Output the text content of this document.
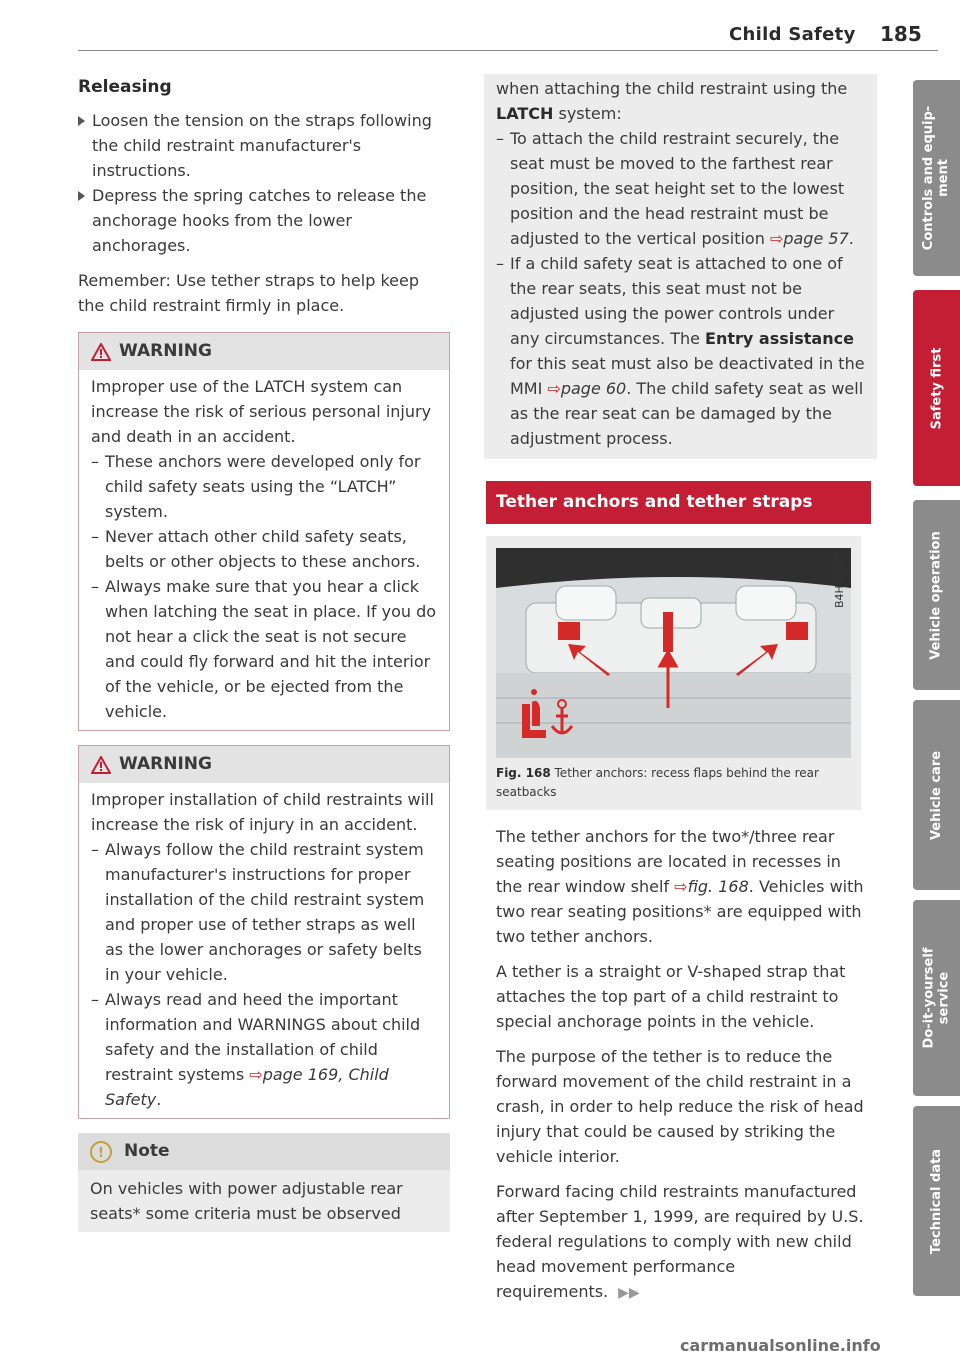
Child Safety 185
Releasing
Loosen the tension on the straps following the child restraint manufacturer's instructions.
Depress the spring catches to release the anchorage hooks from the lower anchorages.

Remember: Use tether straps to help keep the child restraint firmly in place.

WARNING

Improper use of the LATCH system can increase the risk of serious personal injury and death in an accident.

– These anchors were developed only for child safety seats using the “LATCH” system.
– Never attach other child safety seats, belts or other objects to these anchors.
– Always make sure that you hear a click when latching the seat in place. If you do not hear a click the seat is not secure and could fly forward and hit the interior of the vehicle, or be ejected from the vehicle.
WARNING

Improper installation of child restraints will increase the risk of injury in an accident.

– Always follow the child restraint system manufacturer's instructions for proper installation of the child restraint system and proper use of tether straps as well as the lower anchorages or safety belts in your vehicle.
– Always read and heed the important information and WARNINGS about child safety and the installation of child restraint systems ⇨page 169, Child Safety.
!	Note

On vehicles with power adjustable rear seats* some criteria must be observed

when attaching the child restraint using the LATCH system:

– To attach the child restraint securely, the seat must be moved to the farthest rear position, the seat height set to the lowest position and the head restraint must be adjusted to the vertical position ⇨page 57.
– If a child safety seat is attached to one of the rear seats, this seat must not be adjusted using the power controls under any circumstances. The Entry assistance for this seat must also be deactivated in the MMI ⇨page 60. The child safety seat as well as the rear seat can be damaged by the adjustment process.
Tether anchors and tether straps
B4H-0687
Fig. 168 Tether anchors: recess flaps behind the rear seatbacks

The tether anchors for the two*/three rear seating positions are located in recesses in the rear window shelf ⇨fig. 168. Vehicles with two rear seating positions* are equipped with two tether anchors.

A tether is a straight or V-shaped strap that attaches the top part of a child restraint to special anchorage points in the vehicle.

The purpose of the tether is to reduce the forward movement of the child restraint in a crash, in order to help reduce the risk of head injury that could be caused by striking the vehicle interior.

Forward facing child restraints manufactured after September 1, 1999, are required by U.S. federal regulations to comply with new child head movement performance requirements. ▶▶

Controls and equip-
ment
Safety first
Vehicle operation
Vehicle care
Do-it-yourself
service
Technical data
carmanualsonline.info
